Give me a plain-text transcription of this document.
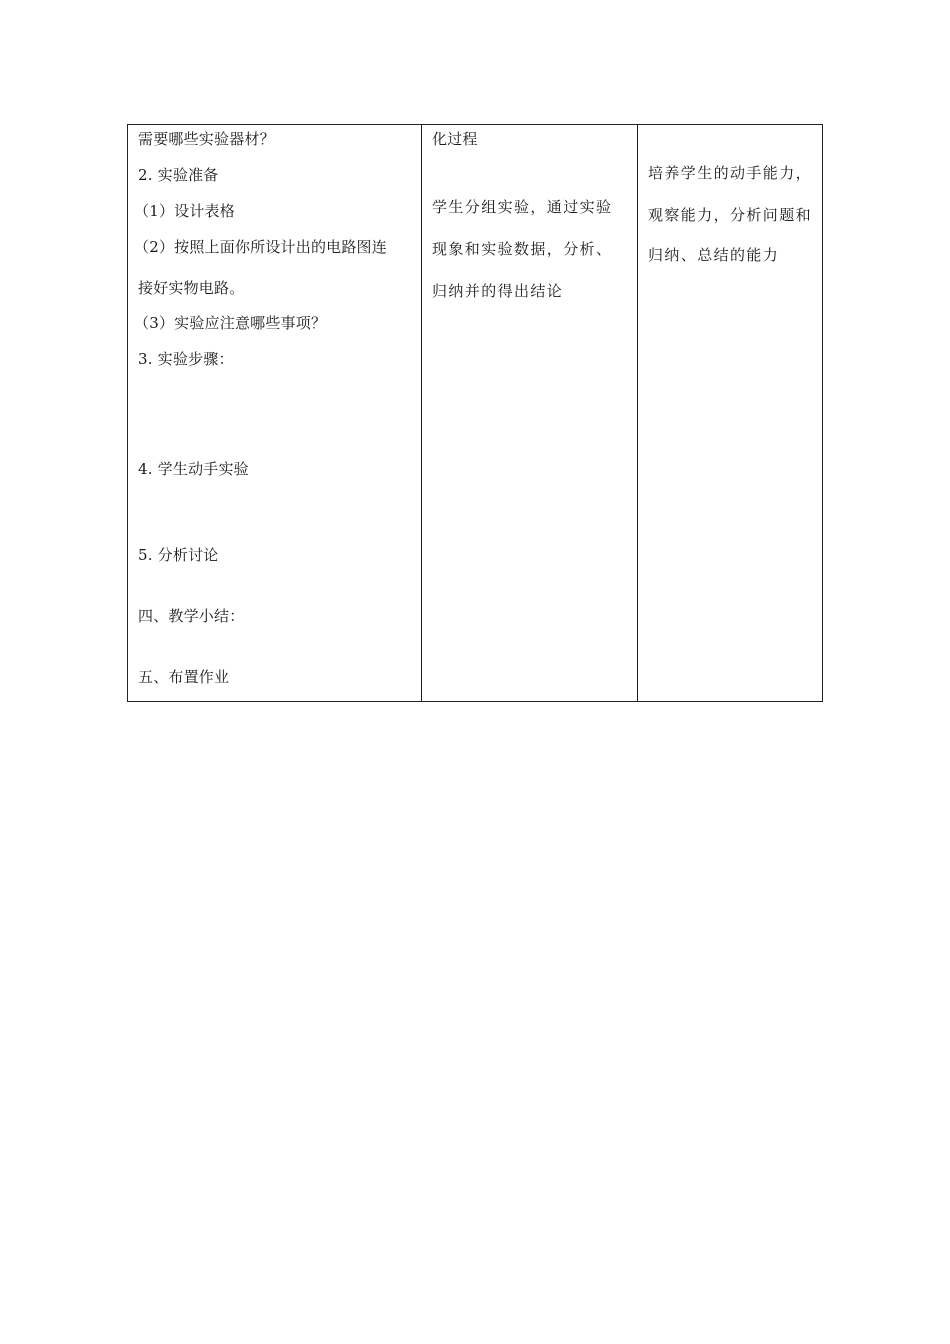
需要哪些实验器材？
2. 实验准备
（1）设计表格
（2）按照上面你所设计出的电路图连
接好实物电路。
（3）实验应注意哪些事项？
3. 实验步骤：
4. 学生动手实验
5. 分析讨论
四、教学小结：
五、布置作业
化过程
学生分组实验，通过实验
现象和实验数据，分析、
归纳并的得出结论
培养学生的动手能力，
观察能力，分析问题和
归纳、总结的能力
